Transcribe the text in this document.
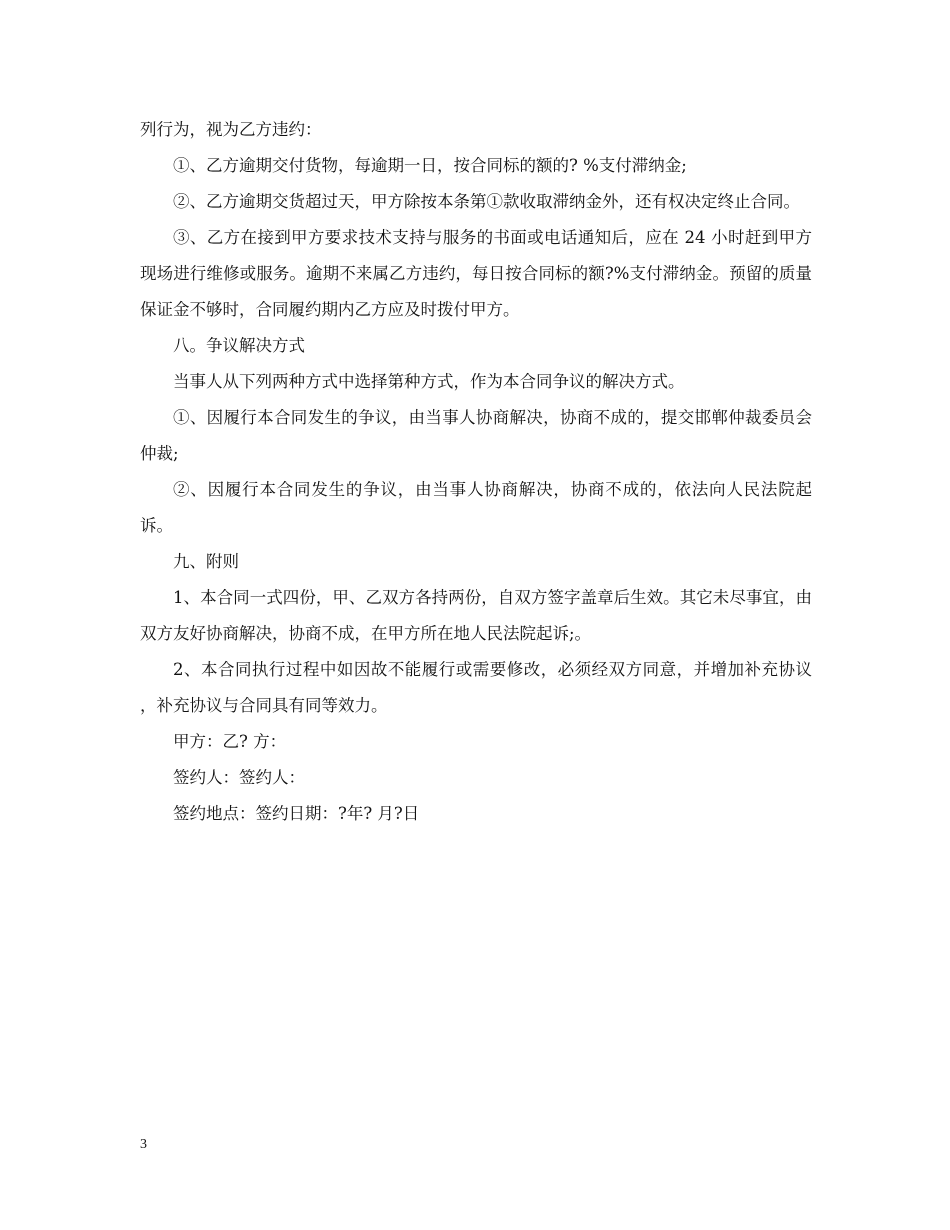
列行为，视为乙方违约：

①、乙方逾期交付货物，每逾期一日，按合同标的额的? %支付滞纳金;

②、乙方逾期交货超过天，甲方除按本条第①款收取滞纳金外，还有权决定终止合同。

③、乙方在接到甲方要求技术支持与服务的书面或电话通知后，应在 24 小时赶到甲方现场进行维修或服务。逾期不来属乙方违约，每日按合同标的额?%支付滞纳金。预留的质量保证金不够时，合同履约期内乙方应及时拨付甲方。

八。争议解决方式

当事人从下列两种方式中选择第种方式，作为本合同争议的解决方式。

①、因履行本合同发生的争议，由当事人协商解决，协商不成的，提交邯郸仲裁委员会仲裁;

②、因履行本合同发生的争议，由当事人协商解决，协商不成的，依法向人民法院起诉。

九、附则

1、本合同一式四份，甲、乙双方各持两份，自双方签字盖章后生效。其它未尽事宜，由双方友好协商解决，协商不成，在甲方所在地人民法院起诉;。

2、本合同执行过程中如因故不能履行或需要修改，必须经双方同意，并增加补充协议 ，补充协议与合同具有同等效力。

甲方：乙? 方：

签约人：签约人：

签约地点：签约日期：?年? 月?日

3
